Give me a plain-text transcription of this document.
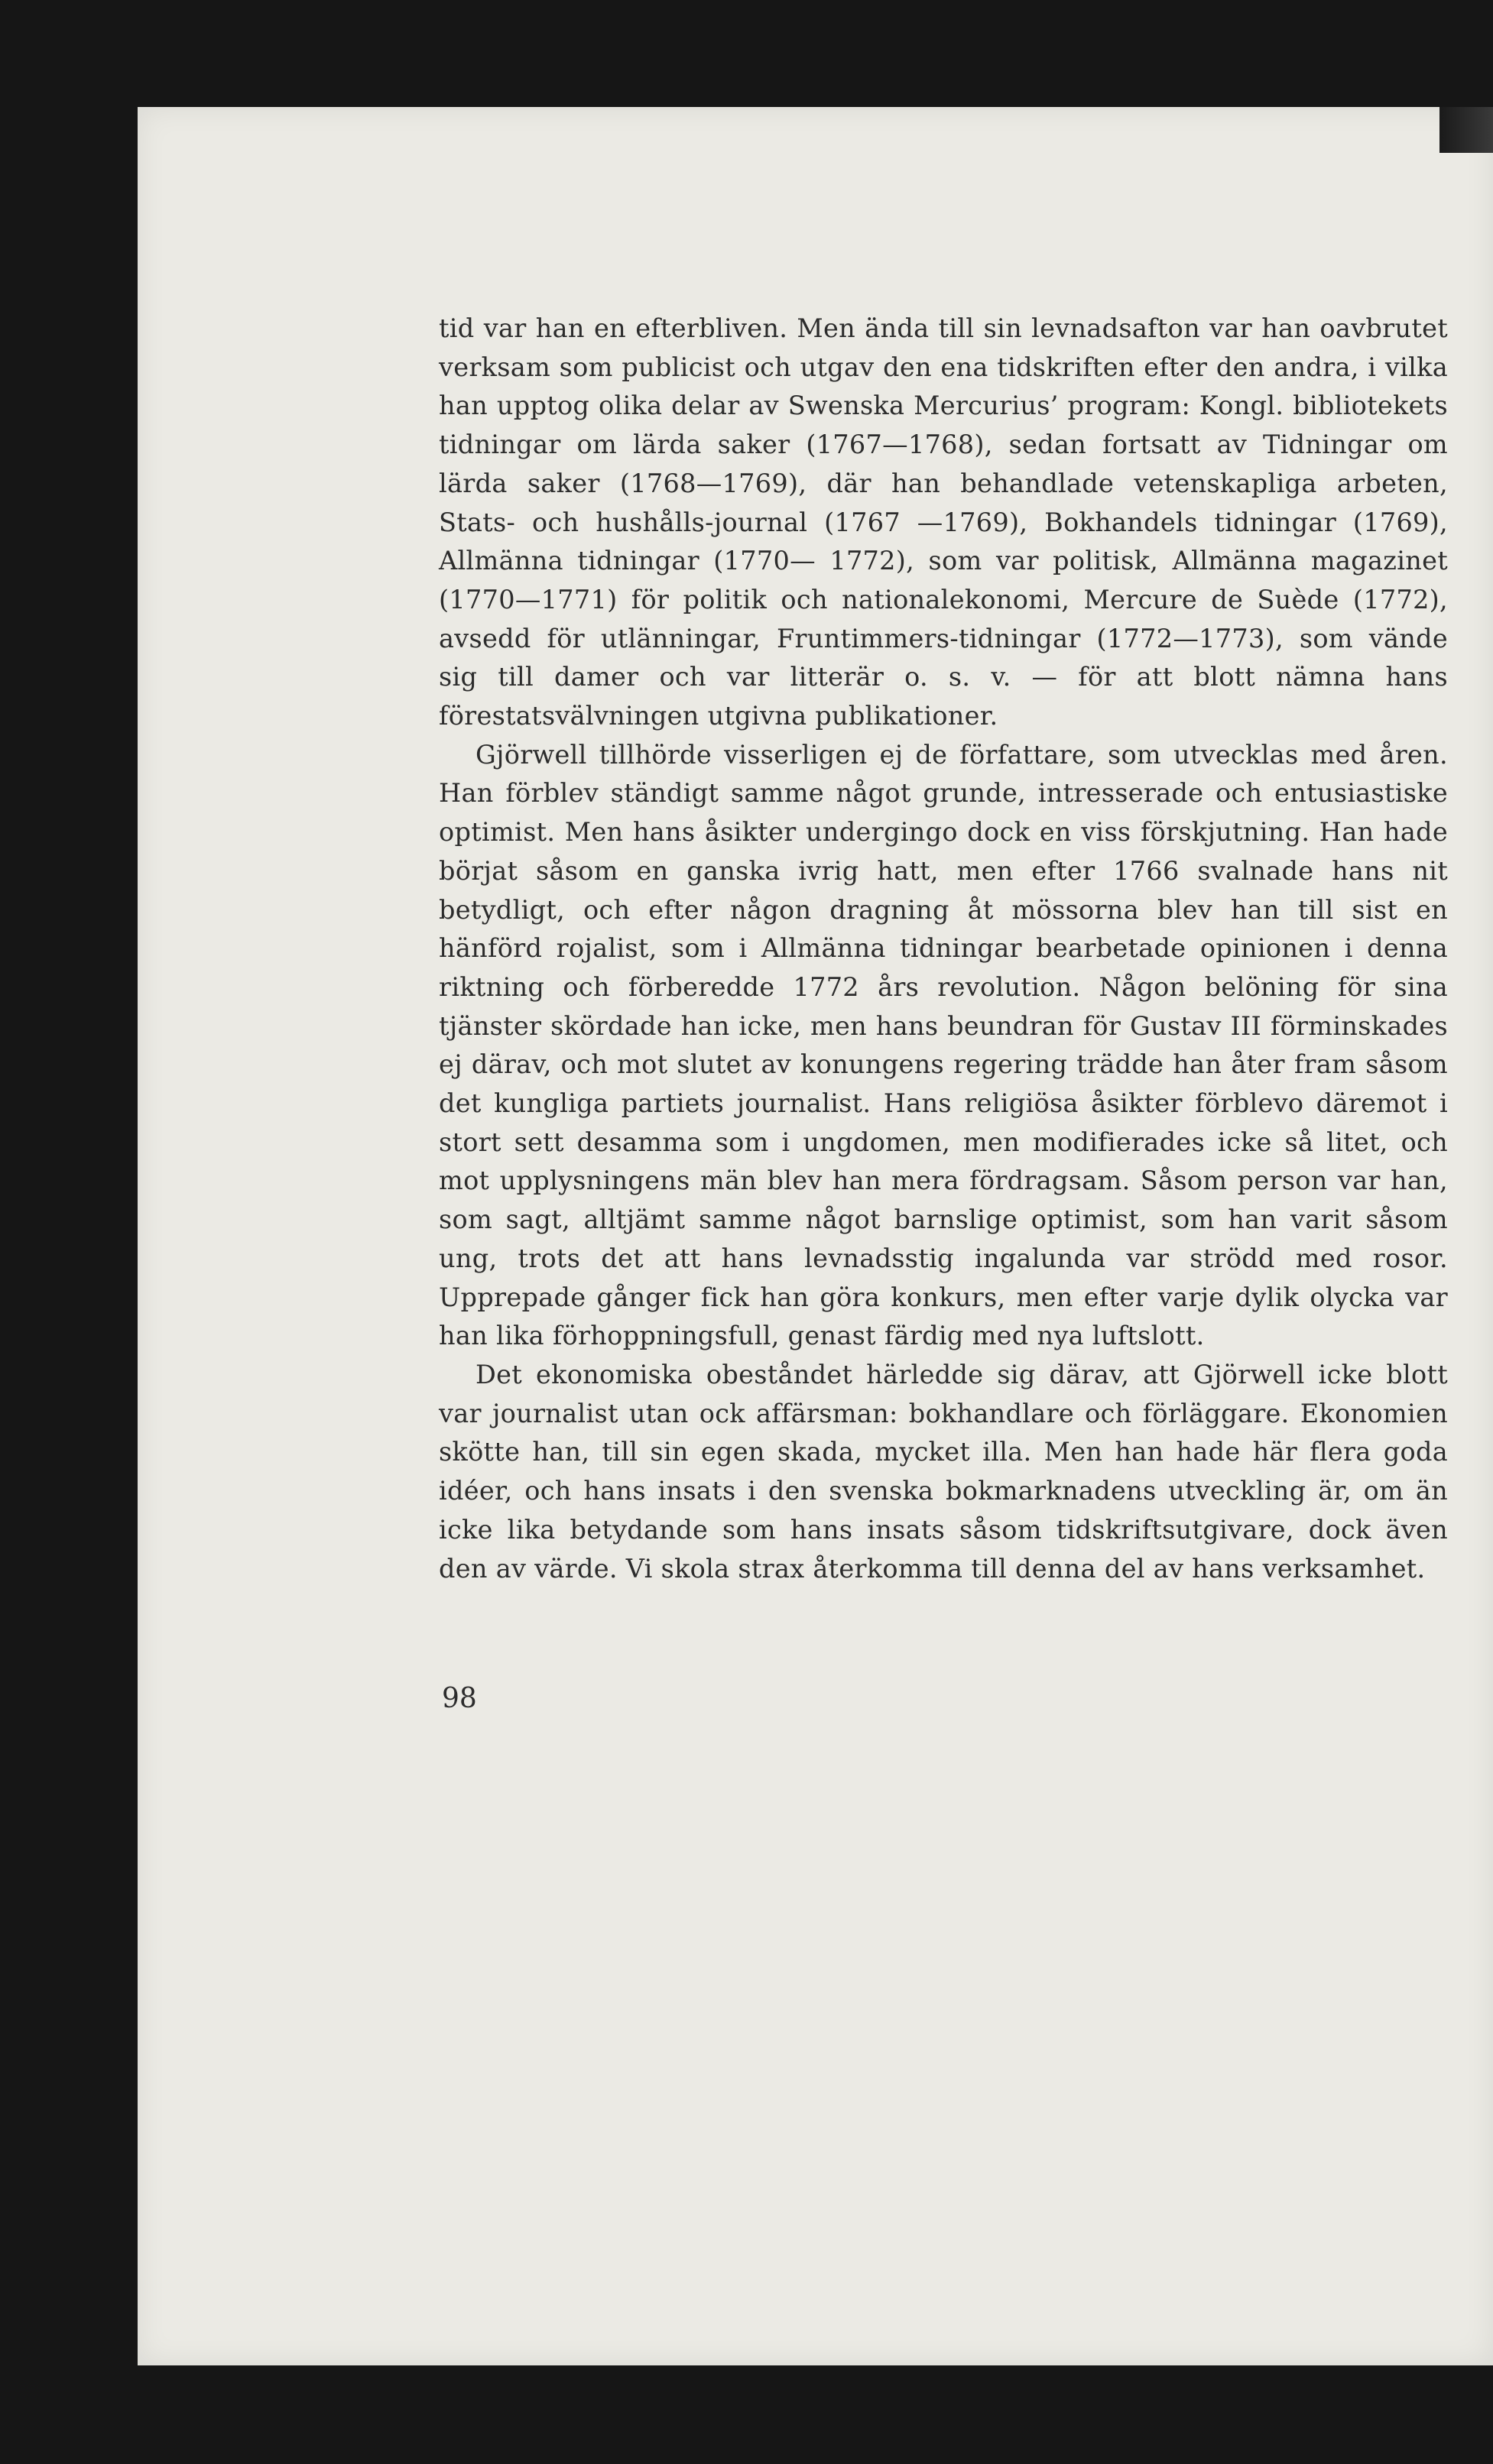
tid var han en efterbliven. Men ända till sin levnadsafton var han oavbrutet verksam som publicist och utgav den ena tidskriften efter den andra, i vilka han upptog olika delar av Swenska Mercurius’ program: Kongl. bibliotekets tidningar om lärda saker (1767—1768), sedan fortsatt av Tidningar om lärda saker (1768—1769), där han behandlade vetenskapliga arbeten, Stats- och hushålls-journal (1767 —1769), Bokhandels tidningar (1769), Allmänna tidningar (1770— 1772), som var politisk, Allmänna magazinet (1770—1771) för politik och nationalekonomi, Mercure de Suède (1772), avsedd för utlänningar, Fruntimmers-tidningar (1772—1773), som vände sig till damer och var litterär o. s. v. — för att blott nämna hans förestatsvälvningen utgivna publikationer.

Gjörwell tillhörde visserligen ej de författare, som utvecklas med åren. Han förblev ständigt samme något grunde, intresserade och entusiastiske optimist. Men hans åsikter undergingo dock en viss förskjutning. Han hade börjat såsom en ganska ivrig hatt, men efter 1766 svalnade hans nit betydligt, och efter någon dragning åt mössorna blev han till sist en hänförd rojalist, som i Allmänna tidningar bearbetade opinionen i denna riktning och förberedde 1772 års revolution. Någon belöning för sina tjänster skördade han icke, men hans beundran för Gustav III förminskades ej därav, och mot slutet av konungens regering trädde han åter fram såsom det kungliga partiets journalist. Hans religiösa åsikter förblevo däremot i stort sett desamma som i ungdomen, men modifierades icke så litet, och mot upplysningens män blev han mera fördragsam. Såsom person var han, som sagt, alltjämt samme något barnslige optimist, som han varit såsom ung, trots det att hans levnadsstig ingalunda var strödd med rosor. Upprepade gånger fick han göra konkurs, men efter varje dylik olycka var han lika förhoppningsfull, genast färdig med nya luftslott.

Det ekonomiska obeståndet härledde sig därav, att Gjörwell icke blott var journalist utan ock affärsman: bokhandlare och förläggare. Ekonomien skötte han, till sin egen skada, mycket illa. Men han hade här flera goda idéer, och hans insats i den svenska bokmarknadens utveckling är, om än icke lika betydande som hans insats såsom tidskriftsutgivare, dock även den av värde. Vi skola strax återkomma till denna del av hans verksamhet.

98
